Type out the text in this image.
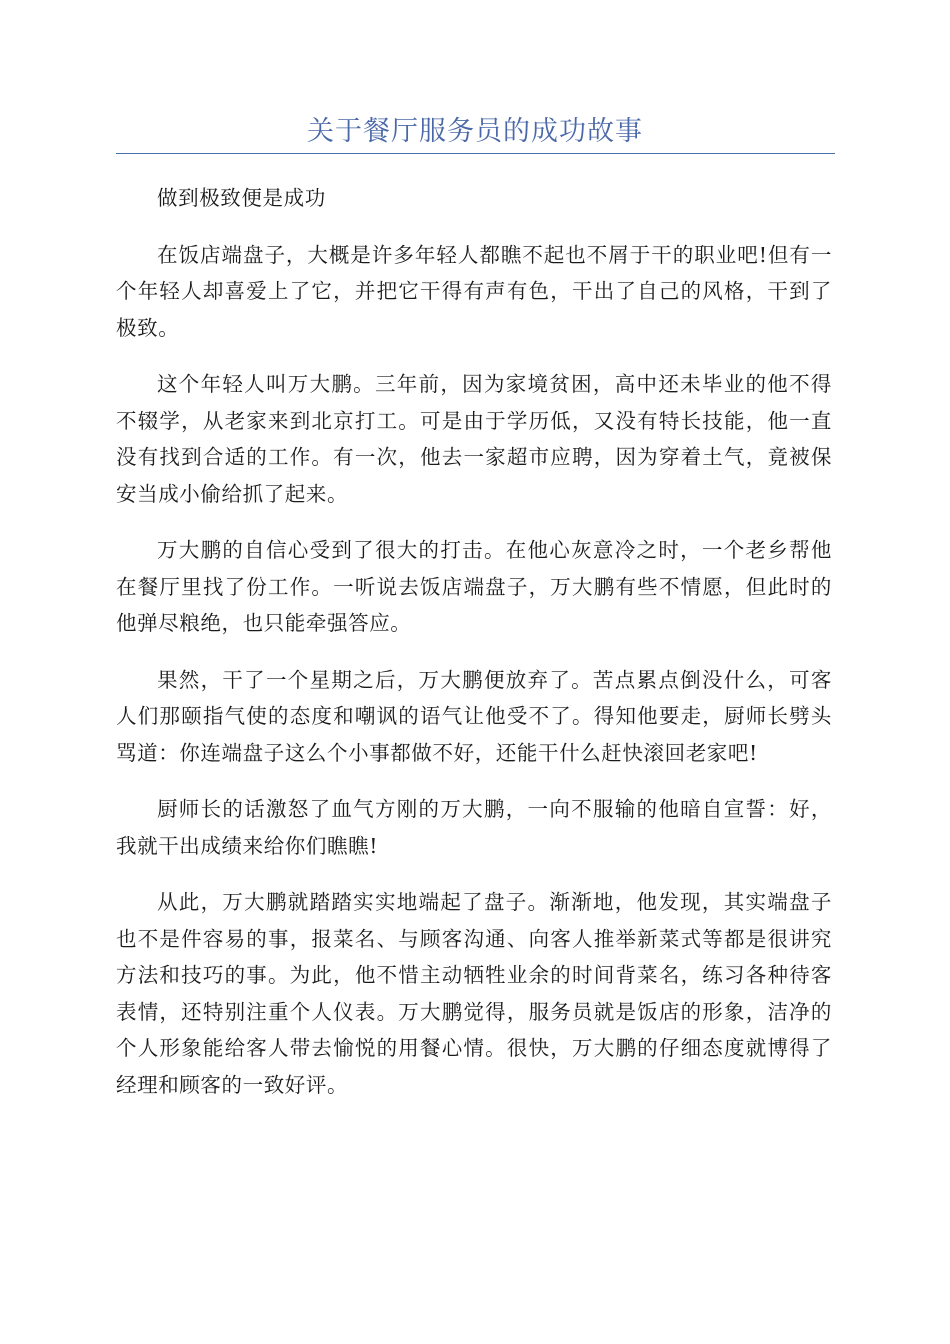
关于餐厅服务员的成功故事

做到极致便是成功

在饭店端盘子，大概是许多年轻人都瞧不起也不屑于干的职业吧!但有一个年轻人却喜爱上了它，并把它干得有声有色，干出了自己的风格，干到了极致。

这个年轻人叫万大鹏。三年前，因为家境贫困，高中还未毕业的他不得不辍学，从老家来到北京打工。可是由于学历低，又没有特长技能，他一直没有找到合适的工作。有一次，他去一家超市应聘，因为穿着土气，竟被保安当成小偷给抓了起来。

万大鹏的自信心受到了很大的打击。在他心灰意冷之时，一个老乡帮他在餐厅里找了份工作。一听说去饭店端盘子，万大鹏有些不情愿，但此时的他弹尽粮绝，也只能牵强答应。

果然，干了一个星期之后，万大鹏便放弃了。苦点累点倒没什么，可客人们那颐指气使的态度和嘲讽的语气让他受不了。得知他要走，厨师长劈头骂道：你连端盘子这么个小事都做不好，还能干什么赶快滚回老家吧!

厨师长的话激怒了血气方刚的万大鹏，一向不服输的他暗自宣誓：好，我就干出成绩来给你们瞧瞧!

从此，万大鹏就踏踏实实地端起了盘子。渐渐地，他发现，其实端盘子也不是件容易的事，报菜名、与顾客沟通、向客人推举新菜式等都是很讲究方法和技巧的事。为此，他不惜主动牺牲业余的时间背菜名，练习各种待客表情，还特别注重个人仪表。万大鹏觉得，服务员就是饭店的形象，洁净的个人形象能给客人带去愉悦的用餐心情。很快，万大鹏的仔细态度就博得了经理和顾客的一致好评。
